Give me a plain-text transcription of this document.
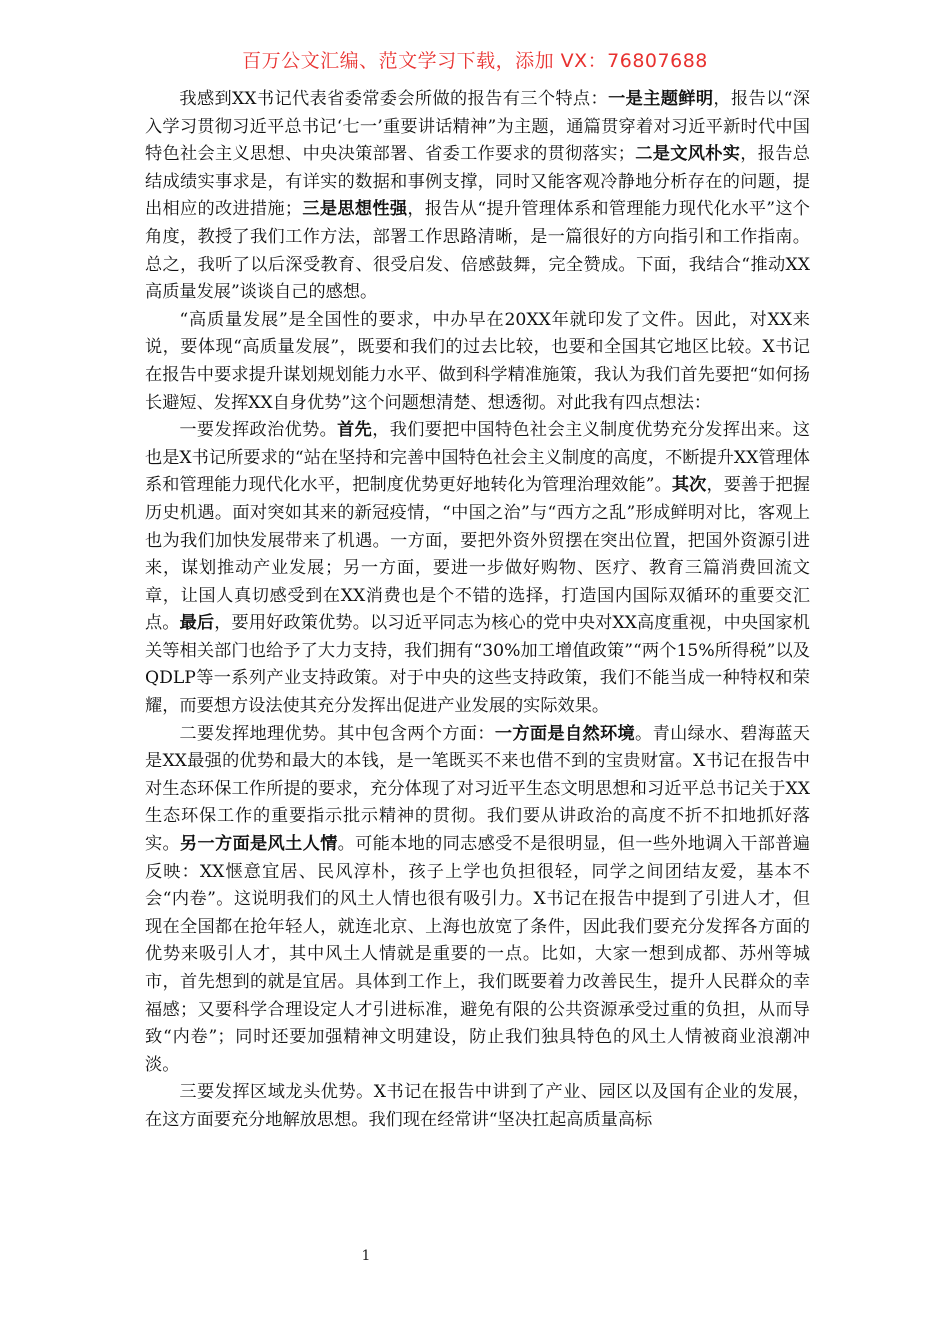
百万公文汇编、范文学习下载，添加 VX：76807688

我感到XX书记代表省委常委会所做的报告有三个特点：一是主题鲜明，报告以“深入学习贯彻习近平总书记‘七一’重要讲话精神”为主题，通篇贯穿着对习近平新时代中国特色社会主义思想、中央决策部署、省委工作要求的贯彻落实；二是文风朴实，报告总结成绩实事求是，有详实的数据和事例支撑，同时又能客观冷静地分析存在的问题，提出相应的改进措施；三是思想性强，报告从“提升管理体系和管理能力现代化水平”这个角度，教授了我们工作方法，部署工作思路清晰，是一篇很好的方向指引和工作指南。总之，我听了以后深受教育、很受启发、倍感鼓舞，完全赞成。下面，我结合“推动XX高质量发展”谈谈自己的感想。

“高质量发展”是全国性的要求，中办早在20XX年就印发了文件。因此，对XX来说，要体现“高质量发展”，既要和我们的过去比较，也要和全国其它地区比较。X书记在报告中要求提升谋划规划能力水平、做到科学精准施策，我认为我们首先要把“如何扬长避短、发挥XX自身优势”这个问题想清楚、想透彻。对此我有四点想法：

一要发挥政治优势。首先，我们要把中国特色社会主义制度优势充分发挥出来。这也是X书记所要求的“站在坚持和完善中国特色社会主义制度的高度，不断提升XX管理体系和管理能力现代化水平，把制度优势更好地转化为管理治理效能”。其次，要善于把握历史机遇。面对突如其来的新冠疫情，“中国之治”与“西方之乱”形成鲜明对比，客观上也为我们加快发展带来了机遇。一方面，要把外资外贸摆在突出位置，把国外资源引进来，谋划推动产业发展；另一方面，要进一步做好购物、医疗、教育三篇消费回流文章，让国人真切感受到在XX消费也是个不错的选择，打造国内国际双循环的重要交汇点。最后，要用好政策优势。以习近平同志为核心的党中央对XX高度重视，中央国家机关等相关部门也给予了大力支持，我们拥有“30%加工增值政策”“两个15%所得税”以及QDLP等一系列产业支持政策。对于中央的这些支持政策，我们不能当成一种特权和荣耀，而要想方设法使其充分发挥出促进产业发展的实际效果。

二要发挥地理优势。其中包含两个方面：一方面是自然环境。青山绿水、碧海蓝天是XX最强的优势和最大的本钱，是一笔既买不来也借不到的宝贵财富。X书记在报告中对生态环保工作所提的要求，充分体现了对习近平生态文明思想和习近平总书记关于XX生态环保工作的重要指示批示精神的贯彻。我们要从讲政治的高度不折不扣地抓好落实。另一方面是风土人情。可能本地的同志感受不是很明显，但一些外地调入干部普遍反映：XX惬意宜居、民风淳朴，孩子上学也负担很轻，同学之间团结友爱，基本不会“内卷”。这说明我们的风土人情也很有吸引力。X书记在报告中提到了引进人才，但现在全国都在抢年轻人，就连北京、上海也放宽了条件，因此我们要充分发挥各方面的优势来吸引人才，其中风土人情就是重要的一点。比如，大家一想到成都、苏州等城市，首先想到的就是宜居。具体到工作上，我们既要着力改善民生，提升人民群众的幸福感；又要科学合理设定人才引进标准，避免有限的公共资源承受过重的负担，从而导致“内卷”；同时还要加强精神文明建设，防止我们独具特色的风土人情被商业浪潮冲淡。

三要发挥区域龙头优势。X书记在报告中讲到了产业、园区以及国有企业的发展，在这方面要充分地解放思想。我们现在经常讲“坚决扛起高质量高标

1
